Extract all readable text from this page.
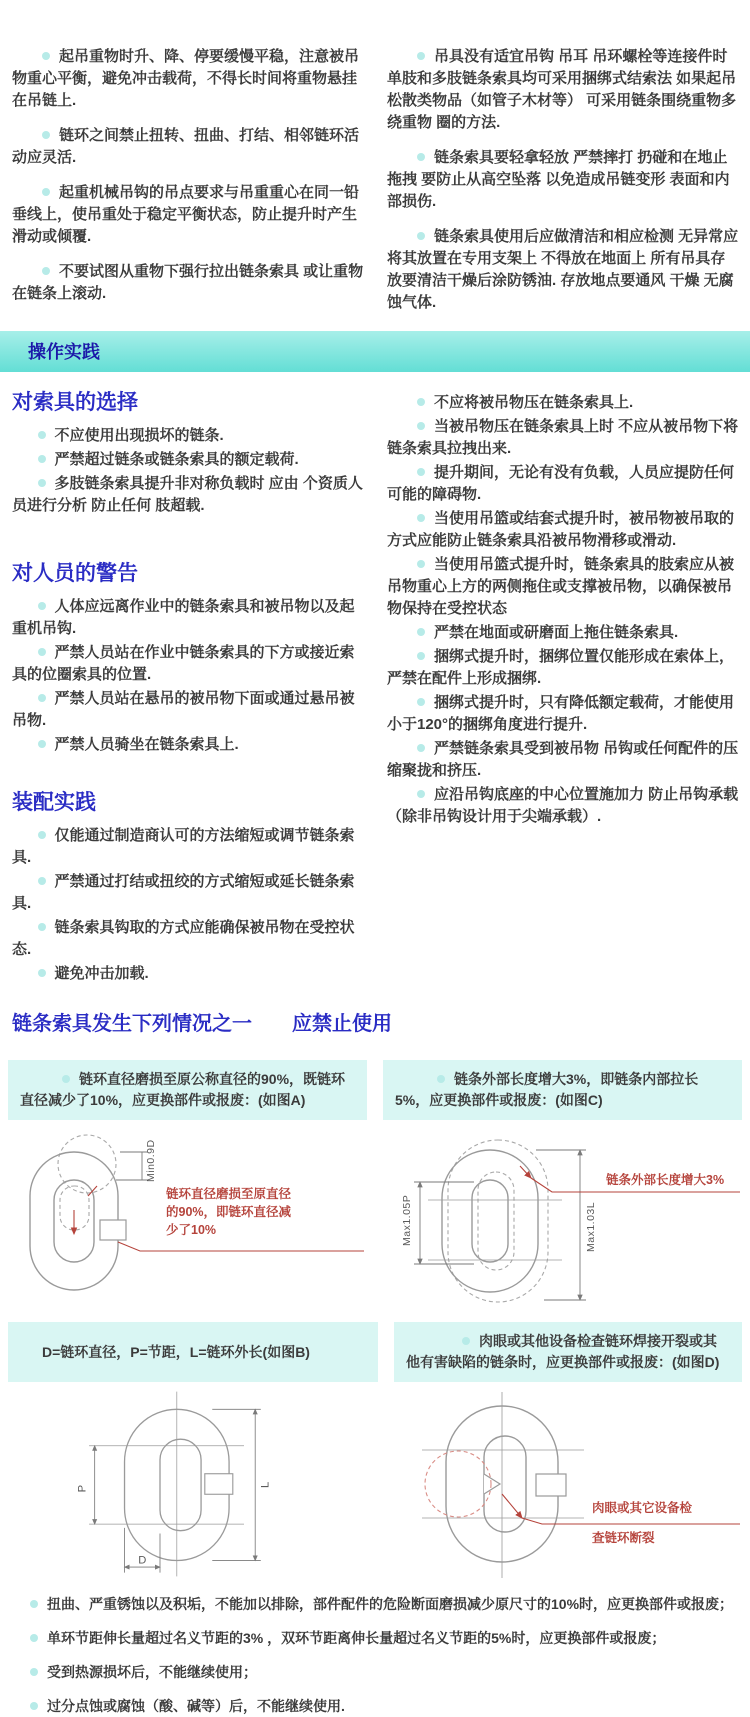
起吊重物时升、降、停要缓慢平稳，注意被吊物重心平衡，避免冲击载荷，不得长时间将重物悬挂在吊链上.

链环之间禁止扭转、扭曲、打结、相邻链环活动应灵活.

起重机械吊钩的吊点要求与吊重重心在同一铅垂线上，使吊重处于稳定平衡状态，防止提升时产生滑动或倾覆.

不要试图从重物下强行拉出链条索具 或让重物在链条上滚动.

吊具没有适宜吊钩 吊耳 吊环螺栓等连接件时 单肢和多肢链条索具均可采用捆绑式结索法 如果起吊松散类物品（如管子木材等） 可采用链条围绕重物多绕重物 圈的方法.

链条索具要轻拿轻放 严禁摔打 扔碰和在地止拖拽 要防止从高空坠落 以免造成吊链变形 表面和内部损伤.

链条索具使用后应做清洁和相应检测 无异常应将其放置在专用支架上 不得放在地面上 所有吊具存放要清洁干燥后涂防锈油. 存放地点要通风 干燥 无腐蚀气体.

操作实践
对索具的选择

不应使用出现损坏的链条.

严禁超过链条或链条索具的额定载荷.

多肢链条索具提升非对称负载时 应由 个资质人员进行分析 防止任何 肢超载.

对人员的警告

人体应远离作业中的链条索具和被吊物以及起重机吊钩.

严禁人员站在作业中链条索具的下方或接近索具的位圈索具的位置.

严禁人员站在悬吊的被吊物下面或通过悬吊被吊物.

严禁人员骑坐在链条索具上.

装配实践

仅能通过制造商认可的方法缩短或调节链条索具.

严禁通过打结或扭绞的方式缩短或延长链条索具.

链条索具钩取的方式应能确保被吊物在受控状态.

避免冲击加载.

不应将被吊物压在链条索具上.

当被吊物压在链条索具上时 不应从被吊物下将链条索具拉拽出来.

提升期间，无论有没有负载，人员应提防任何可能的障碍物.

当使用吊篮或结套式提升时，被吊物被吊取的方式应能防止链条索具沿被吊物滑移或滑动.

当使用吊篮式提升时，链条索具的肢索应从被吊物重心上方的两侧拖住或支撑被吊物，以确保被吊物保持在受控状态

严禁在地面或研磨面上拖住链条索具.

捆绑式提升时，捆绑位置仅能形成在索体上，严禁在配件上形成捆绑.

捆绑式提升时，只有降低额定载荷，才能使用小于120°的捆绑角度进行提升.

严禁链条索具受到被吊物 吊钩或任何配件的压缩聚拢和挤压.

应沿吊钩底座的中心位置施加力 防止吊钩承载（除非吊钩设计用于尖端承载）.

链条索具发生下列情况之一　　应禁止使用
链环直径磨损至原公称直径的90%，既链环直径减少了10%，应更换部件或报废：(如图A)
链条外部长度增大3%，即链条内部拉长5%，应更换部件或报废：(如图C)
Min0.9D
链环直径磨损至原直径
的90%，即链环直径减
少了10%	Max1.05P	Max1.03L
链条外部长度增大3%
D=链环直径，P=节距，L=链环外长(如图B)
肉眼或其他设备检查链环焊接开裂或其他有害缺陷的链条时，应更换部件或报废：(如图D)
P	L
D
肉眼或其它设备检
查链环断裂

扭曲、严重锈蚀以及积垢，不能加以排除，部件配件的危险断面磨损减少原尺寸的10%时，应更换部件或报废；

单环节距伸长量超过名义节距的3% ，双环节距离伸长量超过名义节距的5%时，应更换部件或报废；

受到热源损坏后，不能继续使用；

过分点蚀或腐蚀（酸、碱等）后，不能继续使用.
